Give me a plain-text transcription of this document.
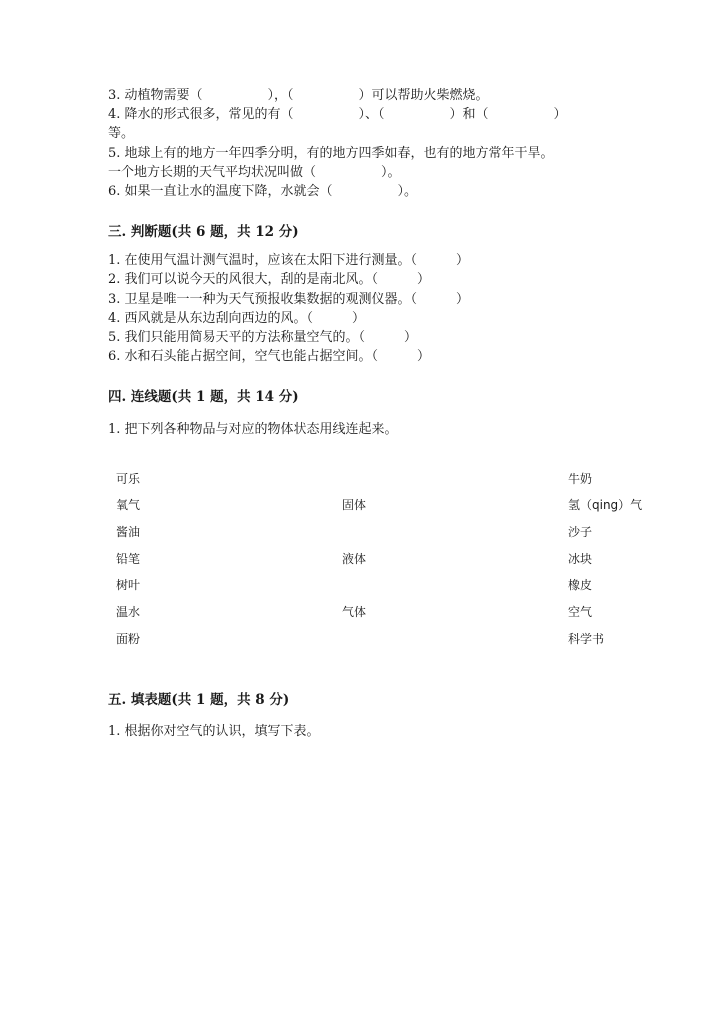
3. 动植物需要（　　　　　），（　　　　　）可以帮助火柴燃烧。
4. 降水的形式很多，常见的有（　　　　　）、（　　　　　）和（　　　　　）
等。
5. 地球上有的地方一年四季分明，有的地方四季如春，也有的地方常年干旱。
一个地方长期的天气平均状况叫做（　　　　　）。
6. 如果一直让水的温度下降，水就会（　　　　　）。
三. 判断题(共 6 题，共 12 分)
1. 在使用气温计测气温时，应该在太阳下进行测量。（　　　）
2. 我们可以说今天的风很大，刮的是南北风。（　　　）
3. 卫星是唯一一种为天气预报收集数据的观测仪器。（　　　）
4. 西风就是从东边刮向西边的风。（　　　）
5. 我们只能用简易天平的方法称量空气的。（　　　）
6. 水和石头能占据空间，空气也能占据空间。（　　　）
四. 连线题(共 1 题，共 14 分)
1. 把下列各种物品与对应的物体状态用线连起来。
可乐
氧气
酱油
铅笔
树叶
温水
面粉
固体
液体
气体
牛奶
氢（qing）气
沙子
冰块
橡皮
空气
科学书
五. 填表题(共 1 题，共 8 分)
1. 根据你对空气的认识，填写下表。
